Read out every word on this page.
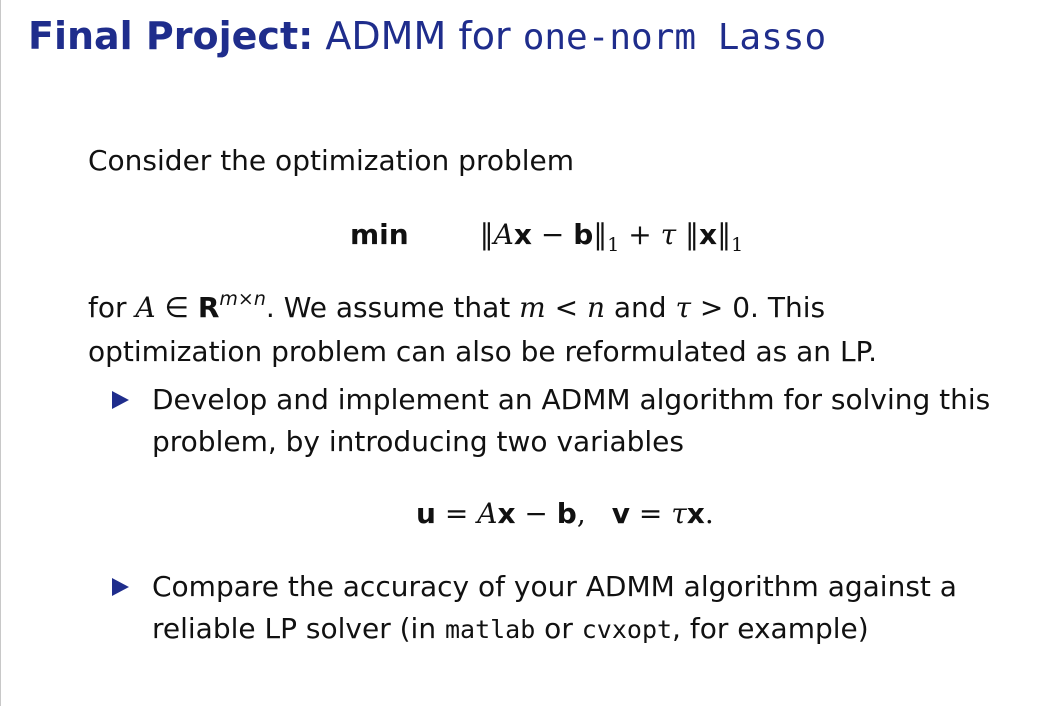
Final Project: ADMM for one-norm Lasso
Consider the optimization problem
min	‖Ax − $b‖_1 + \tau$ $‖x‖_1$
for A ∈ $R^{m\times n}$. We assume that m < n and τ > 0. This
optimization problem can also be reformulated as an LP.
Develop and implement an ADMM algorithm for solving this
problem, by introducing two variables
u = Ax − b, v = τx.
Compare the accuracy of your ADMM algorithm against a
reliable LP solver (in matlab or cvxopt, for example)
